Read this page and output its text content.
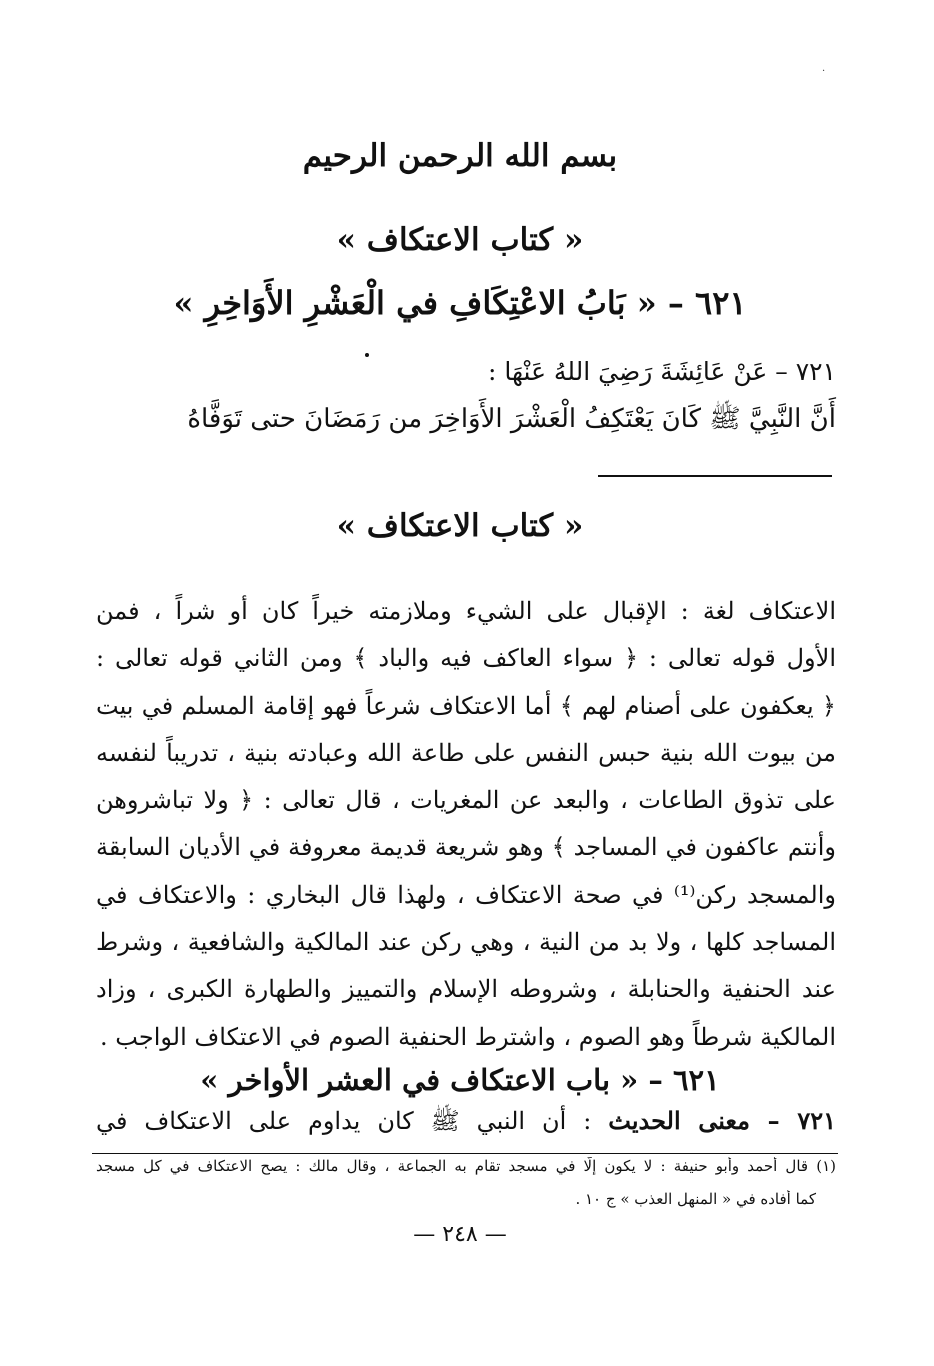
·
بسم الله الرحمن الرحيم
« كتاب الاعتكاف »
٦٢١ – « بَابُ الاعْتِكَافِ في الْعَشْرِ الأَوَاخِرِ »
٧٢١ – عَنْ عَائِشَةَ رَضِيَ اللهُ عَنْهَا :
أَنَّ النَّبِيَّ ﷺ كَانَ يَعْتَكِفُ الْعَشْرَ الأَوَاخِرَ من رَمَضَانَ حتى تَوَفَّاهُ
« كتاب الاعتكاف »
الاعتكاف لغة : الإقبال على الشيء وملازمته خيراً كان أو شراً ، فمن
الأول قوله تعالى : ﴿ سواء العاكف فيه والباد ﴾ ومن الثاني قوله تعالى :
﴿ يعكفون على أصنام لهم ﴾ أما الاعتكاف شرعاً فهو إقامة المسلم في بيت
من بيوت الله بنية حبس النفس على طاعة الله وعبادته بنية ، تدريباً لنفسه
على تذوق الطاعات ، والبعد عن المغريات ، قال تعالى : ﴿ ولا تباشروهن
وأنتم عاكفون في المساجد ﴾ وهو شريعة قديمة معروفة في الأديان السابقة
والمسجد ركن⁽¹⁾ في صحة الاعتكاف ، ولهذا قال البخاري : والاعتكاف في
المساجد كلها ، ولا بد من النية ، وهي ركن عند المالكية والشافعية ، وشرط
عند الحنفية والحنابلة ، وشروطه الإسلام والتمييز والطهارة الكبرى ، وزاد
المالكية شرطاً وهو الصوم ، واشترط الحنفية الصوم في الاعتكاف الواجب .
٦٢١ – « باب الاعتكاف في العشر الأواخر »
٧٢١ – معنى الحديث : أن النبي ﷺ كان يداوم على الاعتكاف في
(١) قال أحمد وأبو حنيفة : لا يكون إلّا في مسجد تقام به الجماعة ، وقال مالك : يصح الاعتكاف في كل مسجد
كما أفاده في « المنهل العذب » ج ١٠ .
— ٢٤٨ —
